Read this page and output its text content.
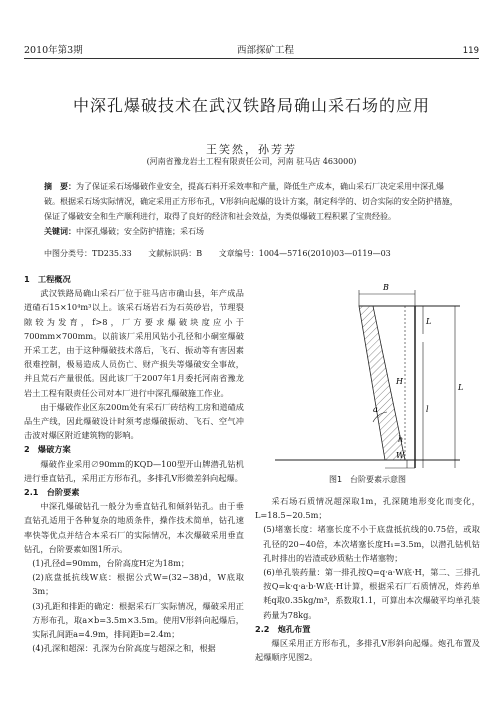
2010年第3期	西部探矿工程	119
中深孔爆破技术在武汉铁路局确山采石场的应用
王笑然，孙芳芳
(河南省豫龙岩土工程有限责任公司，河南 驻马店 463000)
摘　要：为了保证采石场爆破作业安全，提高石料开采效率和产量，降低生产成本，确山采石厂决定采用中深孔爆破。根据采石场实际情况，确定采用正方形布孔，V形斜向起爆的设计方案，制定科学的、切合实际的安全防护措施，保证了爆破安全和生产顺利进行，取得了良好的经济和社会效益，为类似爆破工程积累了宝贵经验。
关键词：中深孔爆破；安全防护措施；采石场
中图分类号：TD235.33 文献标识码：B 文章编号：1004—5716(2010)03—0119—03

1　工程概况

武汉铁路局确山采石厂位于驻马店市确山县，年产成品道碴石15×10⁴m³以上。该采石场岩石为石英砂岩，节理裂隙较为发育，f>8，厂方要求爆破块度应小于700mm×700mm。以前该厂采用风钻小孔径和小硐室爆破开采工艺，由于这种爆破技术落后，飞石、振动等有害因素很难控制，极易造成人员伤亡、财产损失等爆破安全事故，并且荒石产量很低。因此该厂于2007年1月委托河南省豫龙岩土工程有限责任公司对本厂进行中深孔爆破施工作业。

由于爆破作业区东200m处有采石厂砖结构工房和道碴成品生产线，因此爆破设计时须考虑爆破振动、飞石、空气冲击波对爆区附近建筑物的影响。

2　爆破方案

爆破作业采用∅90mm的KQD—100型开山牌潜孔钻机进行垂直钻孔，采用正方形布孔，多排孔V形微差斜向起爆。

2.1　台阶要素

中深孔爆破钻孔一般分为垂直钻孔和倾斜钻孔。由于垂直钻孔适用于各种复杂的地质条件，操作技术简单，钻孔速率快等优点并结合本采石厂的实际情况，本次爆破采用垂直钻孔，台阶要素如图1所示。

(1)孔径d=90mm，台阶高度H定为18m；

(2)底盘抵抗线W底：根据公式W=(32~38)d，W底取3m；

(3)孔距和排距的确定：根据采石厂实际情况，爆破采用正方形布孔，取a×b=3.5m×3.5m。使用V形斜向起爆后，实际孔间距a=4.9m，排间距b=2.4m；

(4)孔深和超深：孔深为台阶高度与超深之和，根据

B
L
H
l
L
a
h
W
图1　台阶要素示意图

采石场石质情况超深取1m，孔深随地形变化而变化，L=18.5~20.5m；

(5)堵塞长度：堵塞长度不小于底盘抵抗线的0.75倍，或取孔径的20~40倍，本次堵塞长度H₁=3.5m，以潜孔钻机钻孔时排出的岩渣或砂质粘土作堵塞物；

(6)单孔装药量：第一排孔按Q=q·a·W底·H，第二、三排孔按Q=k·q·a·b·W底·H计算，根据采石厂石质情况，炸药单耗q取0.35kg/m³，系数取1.1，可算出本次爆破平均单孔装药量为78kg。

2.2　炮孔布置

爆区采用正方形布孔，多排孔V形斜向起爆。炮孔布置及起爆顺序见图2。
